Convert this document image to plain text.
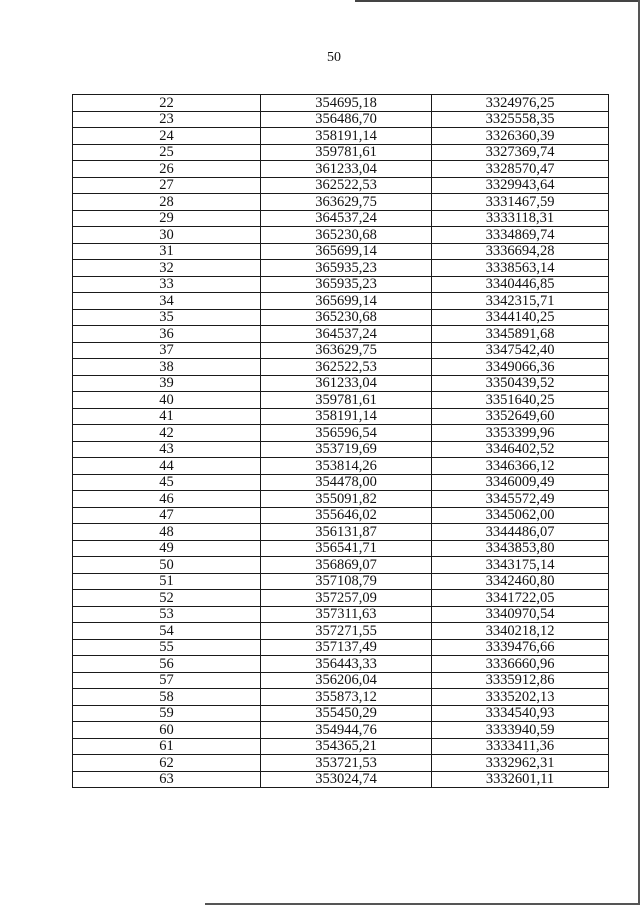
50
22	354695,18	3324976,25
23	356486,70	3325558,35
24	358191,14	3326360,39
25	359781,61	3327369,74
26	361233,04	3328570,47
27	362522,53	3329943,64
28	363629,75	3331467,59
29	364537,24	3333118,31
30	365230,68	3334869,74
31	365699,14	3336694,28
32	365935,23	3338563,14
33	365935,23	3340446,85
34	365699,14	3342315,71
35	365230,68	3344140,25
36	364537,24	3345891,68
37	363629,75	3347542,40
38	362522,53	3349066,36
39	361233,04	3350439,52
40	359781,61	3351640,25
41	358191,14	3352649,60
42	356596,54	3353399,96
43	353719,69	3346402,52
44	353814,26	3346366,12
45	354478,00	3346009,49
46	355091,82	3345572,49
47	355646,02	3345062,00
48	356131,87	3344486,07
49	356541,71	3343853,80
50	356869,07	3343175,14
51	357108,79	3342460,80
52	357257,09	3341722,05
53	357311,63	3340970,54
54	357271,55	3340218,12
55	357137,49	3339476,66
56	356443,33	3336660,96
57	356206,04	3335912,86
58	355873,12	3335202,13
59	355450,29	3334540,93
60	354944,76	3333940,59
61	354365,21	3333411,36
62	353721,53	3332962,31
63	353024,74	3332601,11
